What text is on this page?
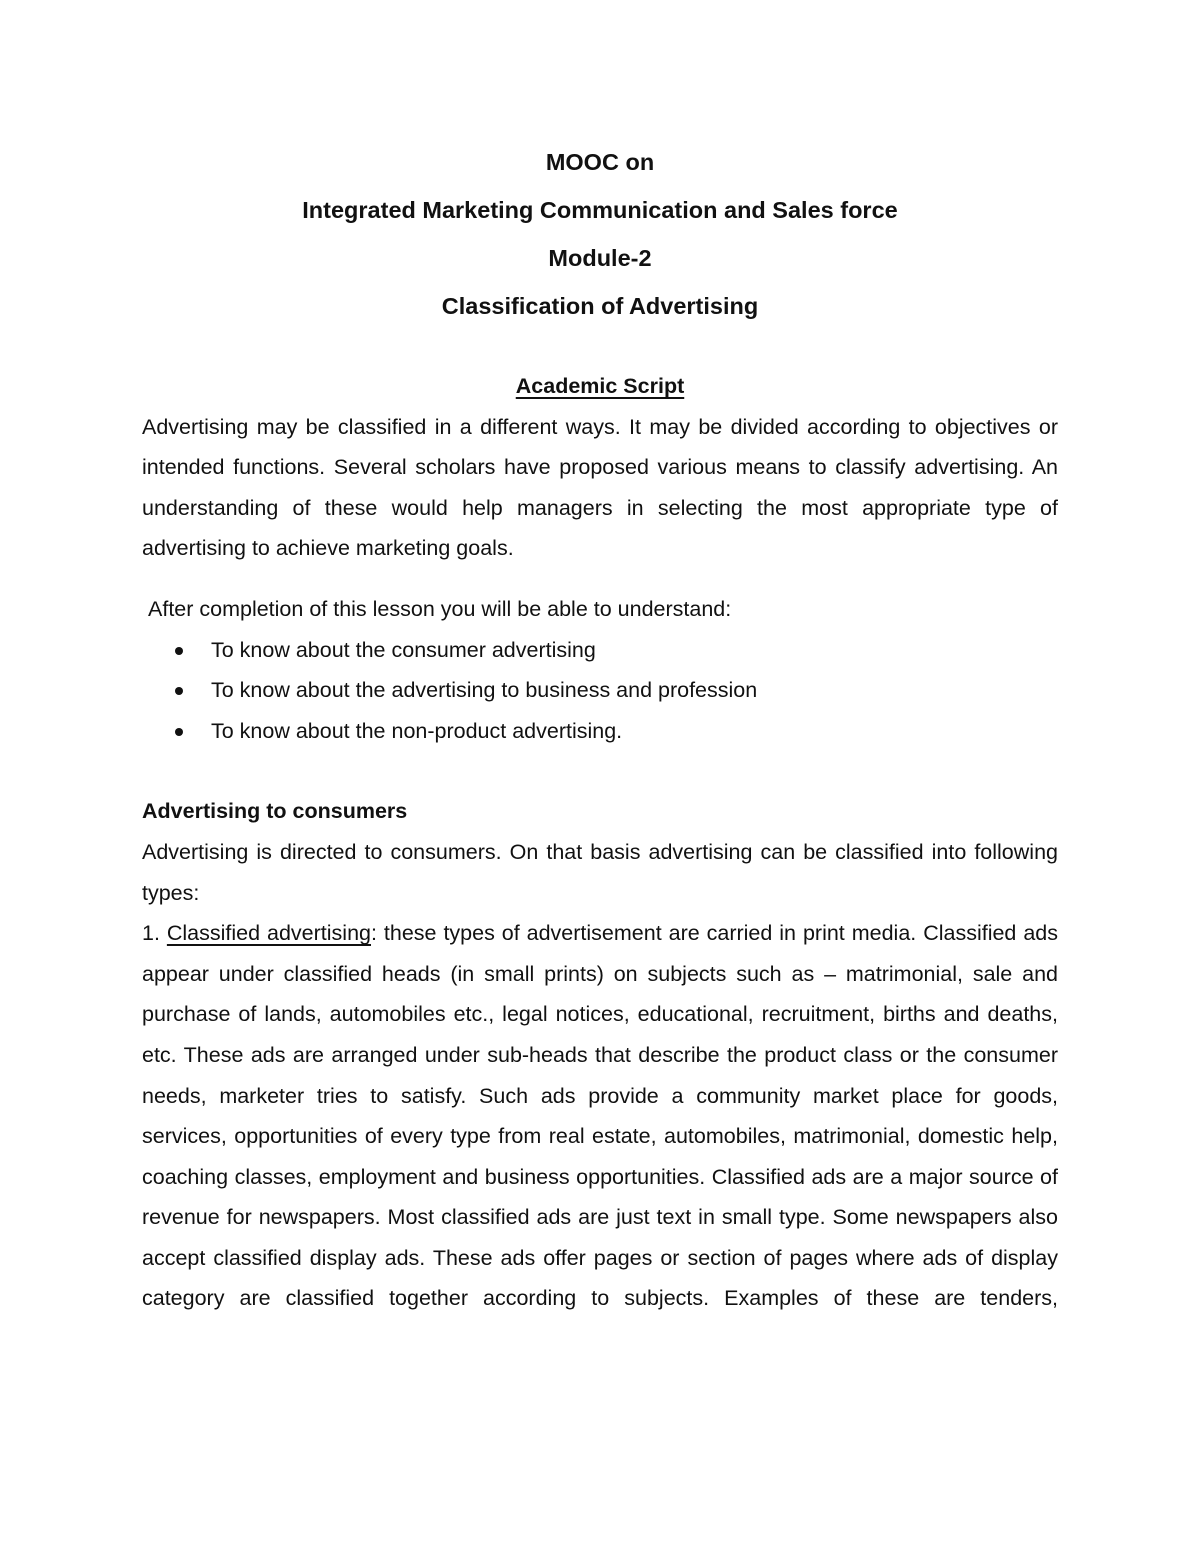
MOOC on
Integrated Marketing Communication and Sales force
Module-2
Classification of Advertising
Academic Script

Advertising may be classified in a different ways. It may be divided according to objectives or intended functions. Several scholars have proposed various means to classify advertising. An understanding of these would help managers in selecting the most appropriate type of advertising to achieve marketing goals.

After completion of this lesson you will be able to understand:

To know about the consumer advertising
To know about the advertising to business and profession
To know about the non-product advertising.

Advertising to consumers

Advertising is directed to consumers. On that basis advertising can be classified into following types:

1. Classified advertising: these types of advertisement are carried in print media. Classified ads appear under classified heads (in small prints) on subjects such as – matrimonial, sale and purchase of lands, automobiles etc., legal notices, educational, recruitment, births and deaths, etc. These ads are arranged under sub-heads that describe the product class or the consumer needs, marketer tries to satisfy. Such ads provide a community market place for goods, services, opportunities of every type from real estate, automobiles, matrimonial, domestic help, coaching classes, employment and business opportunities. Classified ads are a major source of revenue for newspapers. Most classified ads are just text in small type. Some newspapers also accept classified display ads. These ads offer pages or section of pages where ads of display category are classified together according to subjects. Examples of these are tenders,
